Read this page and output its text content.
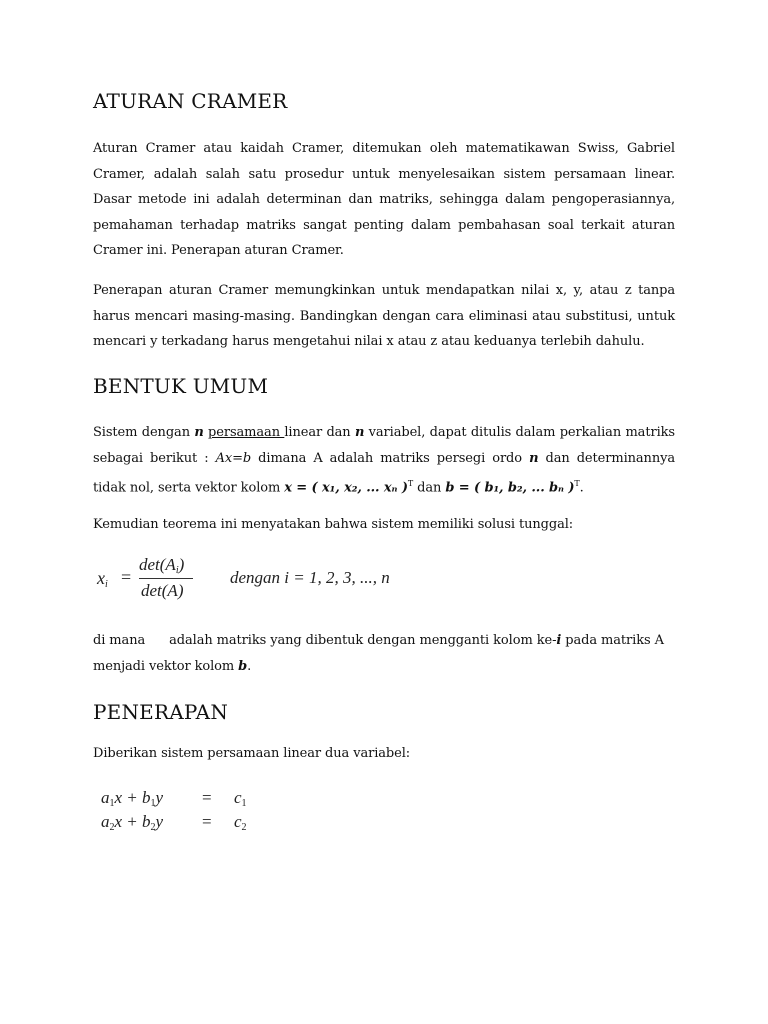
ATURAN CRAMER
Aturan Cramer atau kaidah Cramer, ditemukan oleh matematikawan Swiss, Gabriel
Cramer, adalah salah satu prosedur untuk menyelesaikan sistem persamaan linear.
Dasar metode ini adalah determinan dan matriks, sehingga dalam pengoperasiannya,
pemahaman terhadap matriks sangat penting dalam pembahasan soal terkait aturan
Cramer ini. Penerapan aturan Cramer.
Penerapan aturan Cramer memungkinkan untuk mendapatkan nilai x, y, atau z tanpa
harus mencari masing-masing. Bandingkan dengan cara eliminasi atau substitusi, untuk
mencari y terkadang harus mengetahui nilai x atau z atau keduanya terlebih dahulu.
BENTUK UMUM
Sistem dengan n persamaan linear dan n variabel, dapat ditulis dalam perkalian matriks
sebagai berikut : Ax=b dimana A adalah matriks persegi ordo n dan determinannya
tidak nol, serta vektor kolom x = ( x₁, x₂, ... xₙ )$^T$ dan b = ( b₁, b₂, ... bₙ )$^T$.

Kemudian teorema ini menyatakan bahwa sistem memiliki solusi tunggal:

$x_i$ =
$\det(A_i)$
det(A)
dengan i = 1, 2, 3, ..., n
di mana adalah matriks yang dibentuk dengan mengganti kolom ke-i pada matriks A
menjadi vektor kolom b.
PENERAPAN

Diberikan sistem persamaan linear dua variabel:

$a_1x + b_1y = c_1$
$a_2x + b_2y = c_2$
